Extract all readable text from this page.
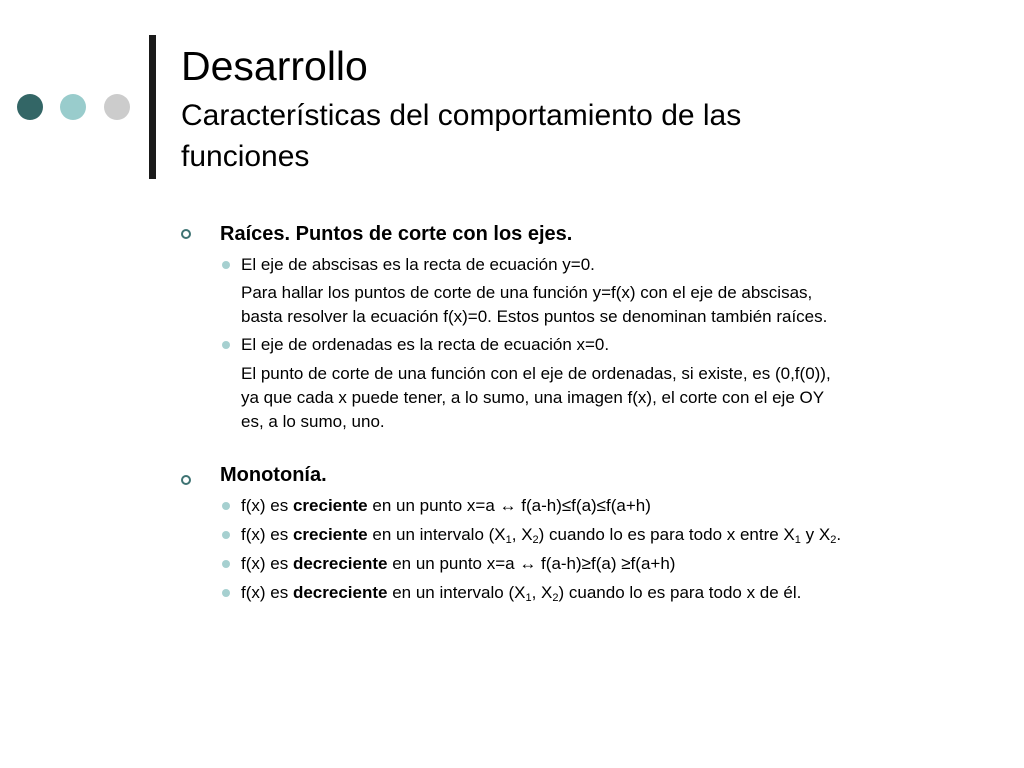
Desarrollo
Características del comportamiento de las funciones
Raíces. Puntos de corte con los ejes.
El eje de abscisas es la recta de ecuación y=0.
Para hallar los puntos de corte de una función y=f(x) con el eje de abscisas,
basta resolver la ecuación f(x)=0. Estos puntos se denominan también raíces.
El eje de ordenadas es la recta de ecuación x=0.
El punto de corte de una función con el eje de ordenadas, si existe, es (0,f(0)),
ya que cada x puede tener, a lo sumo, una imagen f(x), el corte con el eje OY
es, a lo sumo, uno.
Monotonía.
f(x) es creciente en un punto x=a ↔ f(a-h)≤f(a)≤f(a+h)
f(x) es creciente en un intervalo ($X_1$, $X_2$) cuando lo es para todo x entre $X_1$ y $X_2$.
f(x) es decreciente en un punto x=a ↔ f(a-h)≥f(a) ≥f(a+h)
f(x) es decreciente en un intervalo ($X_1$, $X_2$) cuando lo es para todo x de él.
